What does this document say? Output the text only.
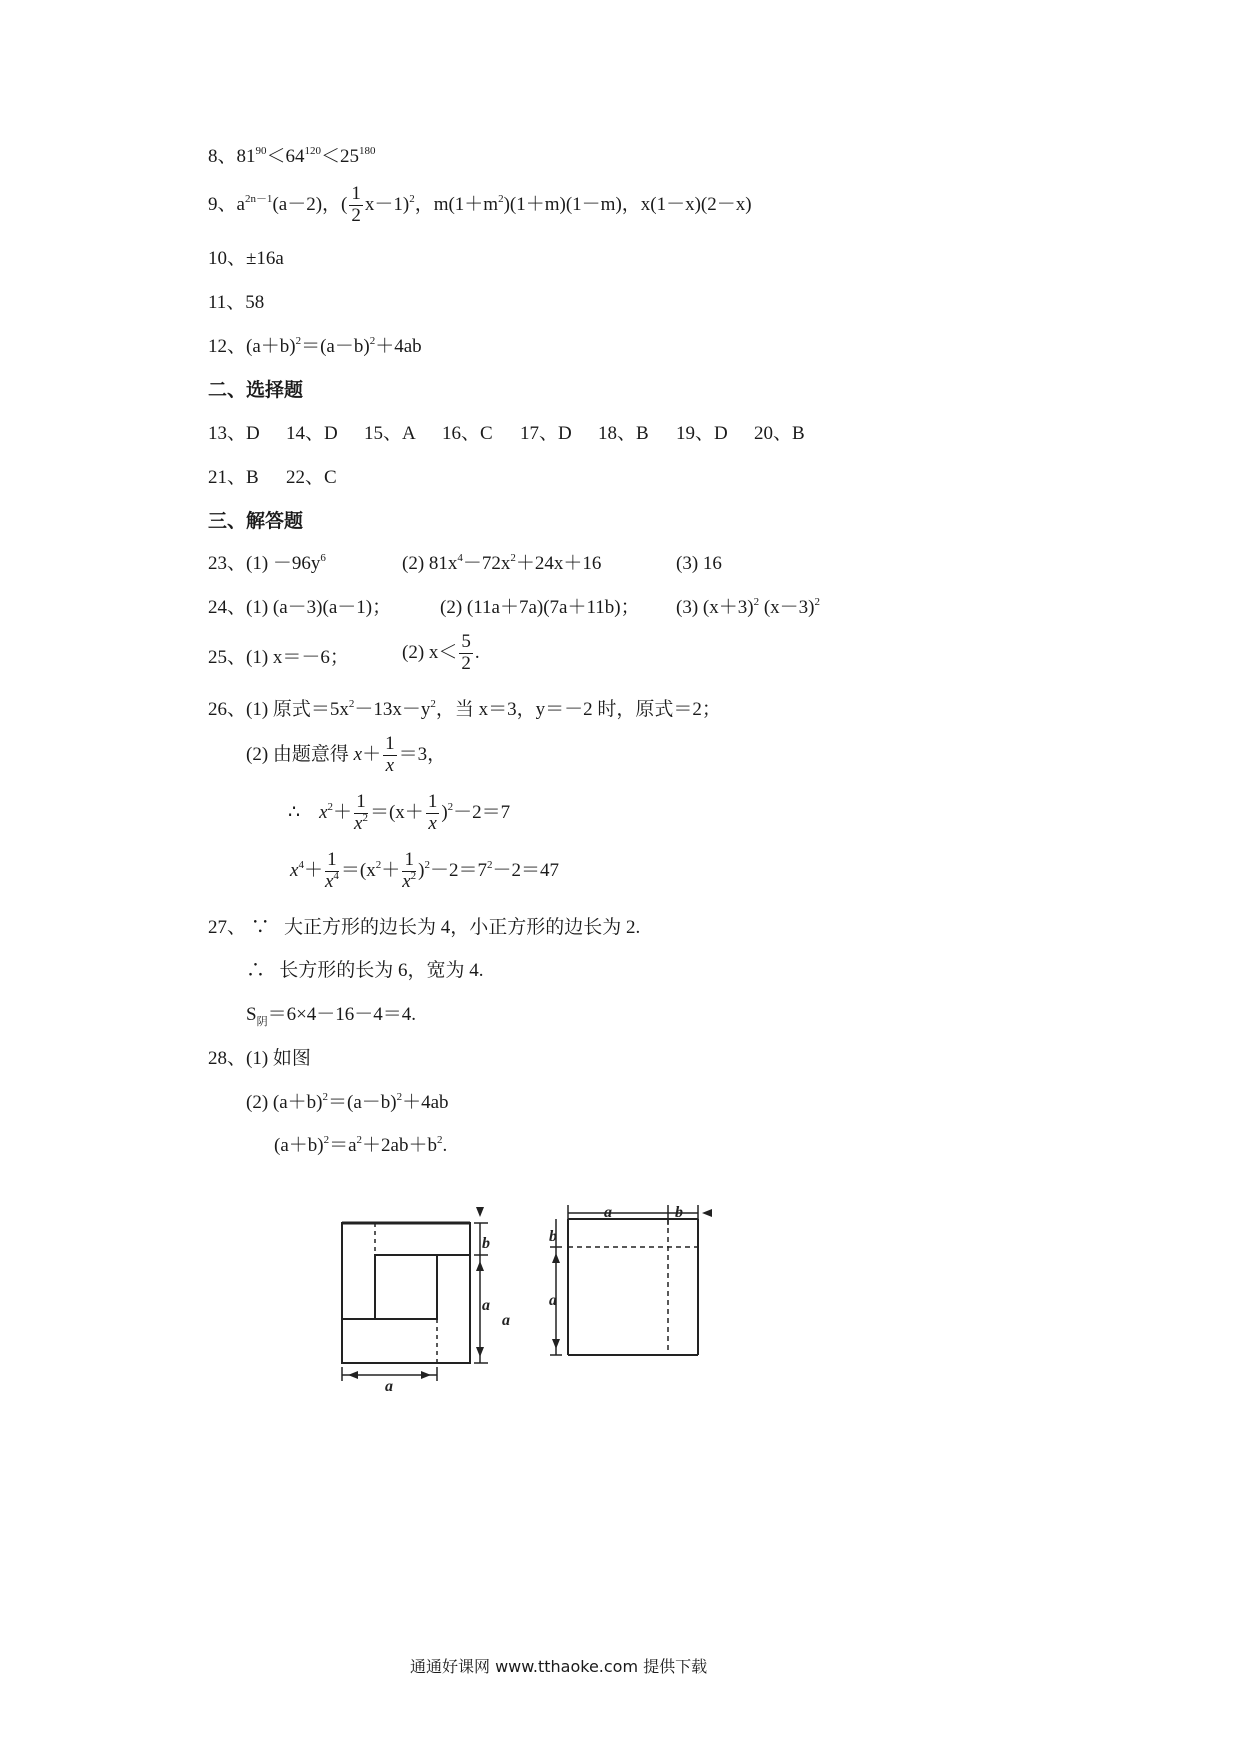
8、$81^{90}<64^{120}<25^{180}$
9、$a^{2n-1}(a-2)$，( $\frac{1}{2} x-1)^2$，$m(1+m^2)(1+m)(1-m)$，x(1－x)(2－x)
10、±16a
11、58
12、$(a+b)^2=(a-b)^2+4ab$
二、选择题
13、D 14、D 15、A 16、C 17、D 18、B 19、D 20、B
21、B 22、C
三、解答题
23、$(1) -96y^6$	(2) $81x^4-72x^2+24x+16$	(3) 16
24、(1) (a－3)(a－1)；	(2) (11a＋7a)(7a＋11b)； (3) $(x+3)^2$ $(x-3)^2$
25、(1) x＝－6；	(2) $x< \frac{5}{2}$ .
26、(1) 原式$=5x^2-13x-y^2$，当 x＝3，y＝－2 时，原式＝2；
(2) 由题意得 $x+ \frac{1}{x} =3$，
∴ $x^2+ \frac{1}{x^2} =(x+ \frac{1}{x} )^2-2=7$
$x^4+ \frac{1}{x^4} =(x^2+ \frac{1}{x^2} )^2-2=7^2-2=47$
27、 ∵ 大正方形的边长为 4，小正方形的边长为 2.
∴ 长方形的长为 6，宽为 4.
$S_阴=6\times 4-16-4=4$.
28、(1) 如图
(2) $(a+b)^2=(a-b)^2+4ab$
$(a+b)^2=a^2+2ab+b^2$.
b
a
a
a
a	b
b
a
通通好课网 www.tthaoke.com 提供下载
